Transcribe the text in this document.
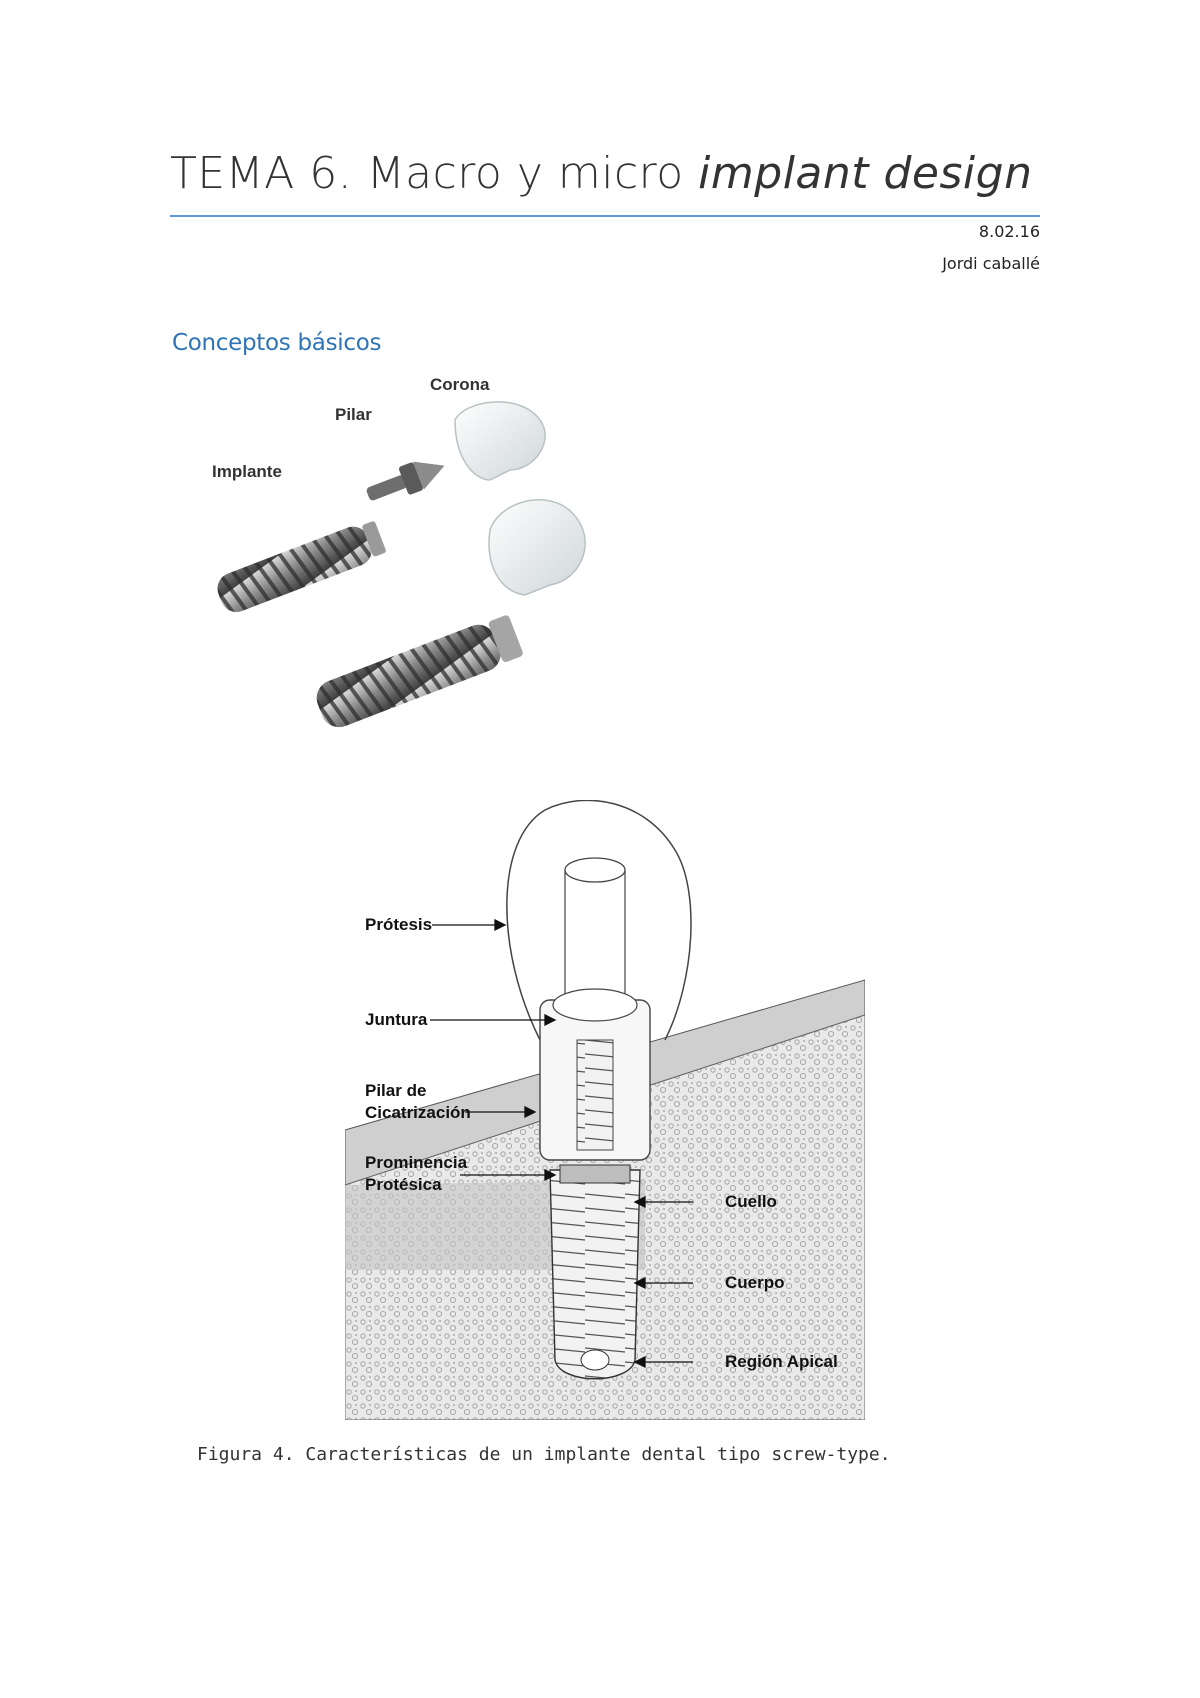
TEMA 6. Macro y micro implant design
8.02.16
Jordi caballé
Conceptos básicos
Corona
Pilar
Implante
Prótesis
Juntura
Pilar de
Cicatrización
Prominencia
Protésica
Cuello
Cuerpo
Región Apical
Figura 4. Características de un implante dental tipo screw-type.
